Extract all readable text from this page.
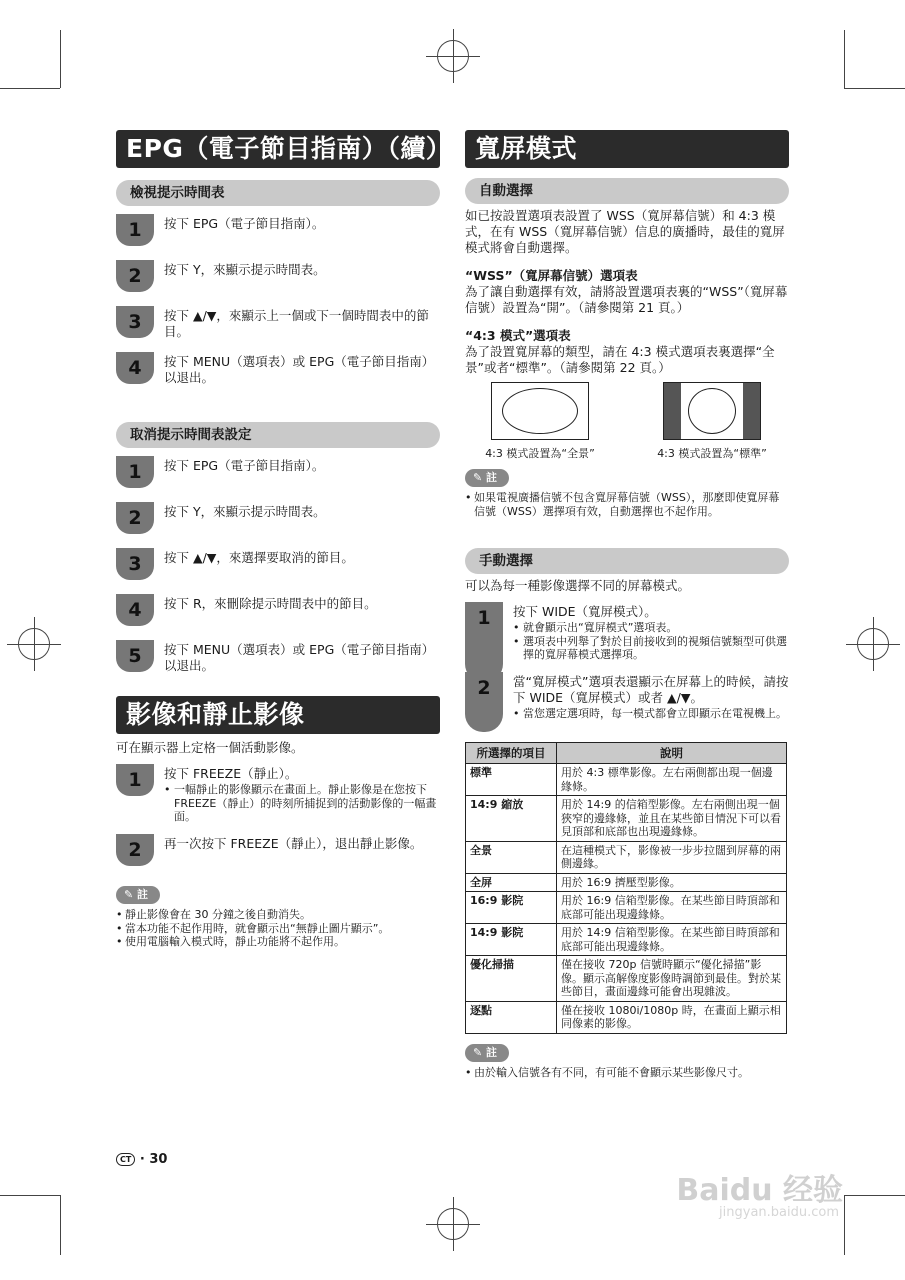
EPG（電子節目指南）（續）
檢視提示時間表
1	按下 EPG（電子節目指南）。
2	按下 Y，來顯示提示時間表。
3	按下 ▲/▼，來顯示上一個或下一個時間表中的節目。
4	按下 MENU（選項表）或 EPG（電子節目指南）以退出。
取消提示時間表設定
1	按下 EPG（電子節目指南）。
2	按下 Y，來顯示提示時間表。
3	按下 ▲/▼，來選擇要取消的節目。
4	按下 R，來刪除提示時間表中的節目。
5	按下 MENU（選項表）或 EPG（電子節目指南）以退出。
影像和靜止影像
可在顯示器上定格一個活動影像。
1	按下 FREEZE（靜止）。
• 一幅靜止的影像顯示在畫面上。靜止影像是在您按下 FREEZE（靜止）的時刻所捕捉到的活動影像的一幅畫面。
2	再一次按下 FREEZE（靜止），退出靜止影像。
✎ 註
• 靜止影像會在 30 分鐘之後自動消失。
• 當本功能不起作用時，就會顯示出“無靜止圖片顯示”。
• 使用電腦輸入模式時，靜止功能將不起作用。
寬屏模式
自動選擇
如已按設置選項表設置了 WSS（寬屏幕信號）和 4:3 模式，在有 WSS（寬屏幕信號）信息的廣播時，最佳的寬屏模式將會自動選擇。
“WSS”（寬屏幕信號）選項表
為了讓自動選擇有效，請將設置選項表裏的“WSS”（寬屏幕信號）設置為“開”。（請參閱第 21 頁。）
“4:3 模式”選項表
為了設置寬屏幕的類型，請在 4:3 模式選項表裏選擇“全景”或者“標準”。（請參閱第 22 頁。）
4:3 模式設置為“全景”	4:3 模式設置為“標準”
✎ 註
• 如果電視廣播信號不包含寬屏幕信號（WSS），那麼即使寬屏幕信號（WSS）選擇項有效，自動選擇也不起作用。
手動選擇
可以為每一種影像選擇不同的屏幕模式。
1	按下 WIDE（寬屏模式）。
• 就會顯示出“寬屏模式”選項表。
• 選項表中列舉了對於目前接收到的視頻信號類型可供選擇的寬屏幕模式選擇項。
2	當“寬屏模式”選項表還顯示在屏幕上的時候，請按下 WIDE（寬屏模式）或者 ▲/▼。
• 當您選定選項時，每一模式都會立即顯示在電視機上。
所選擇的項目	說明
標準	用於 4:3 標準影像。左右兩側都出現一個邊緣條。
14:9 縮放	用於 14:9 的信箱型影像。左右兩側出現一個狹窄的邊緣條，並且在某些節目情況下可以看見頂部和底部也出現邊緣條。
全景	在這種模式下，影像被一步步拉闊到屏幕的兩側邊緣。
全屏	用於 16:9 擠壓型影像。
16:9 影院	用於 16:9 信箱型影像。在某些節目時頂部和底部可能出現邊緣條。
14:9 影院	用於 14:9 信箱型影像。在某些節目時頂部和底部可能出現邊緣條。
優化掃描	僅在接收 720p 信號時顯示“優化掃描”影像。顯示高解像度影像時調節到最佳。對於某些節目，畫面邊緣可能會出現雜波。
逐點	僅在接收 1080i/1080p 時，在畫面上顯示相同像素的影像。
✎ 註
• 由於輸入信號各有不同，有可能不會顯示某些影像尺寸。
CT · 30
Baidu 经验
jingyan.baidu.com
